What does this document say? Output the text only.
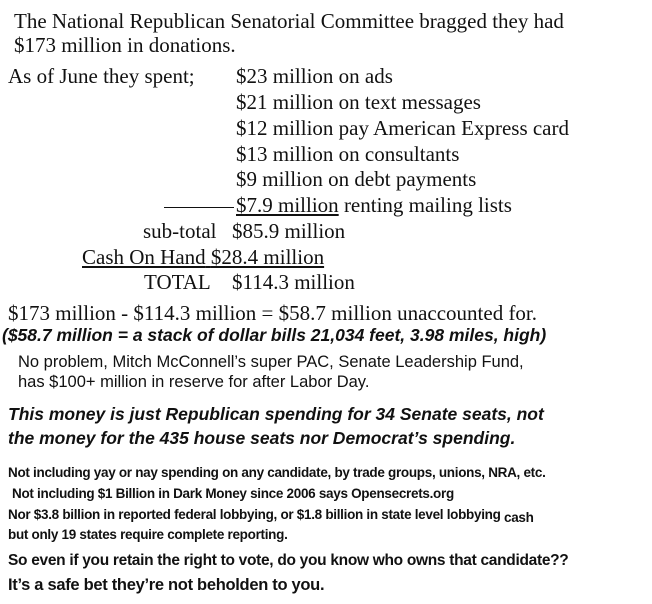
The National Republican Senatorial Committee bragged they had
$173 million in donations.
As of June they spent; $23 million on ads
$21 million on text messages
$12 million pay American Express card
$13 million on consultants
$9 million on debt payments
$7.9 million renting mailing lists
sub-total $85.9 million
Cash On Hand $28.4 million
TOTAL $114.3 million
$173 million - $114.3 million = $58.7 million unaccounted for.
($58.7 million = a stack of dollar bills 21,034 feet, 3.98 miles, high)
No problem, Mitch McConnell’s super PAC, Senate Leadership Fund,
has $100+ million in reserve for after Labor Day.
This money is just Republican spending for 34 Senate seats, not
the money for the 435 house seats nor Democrat’s spending.
Not including yay or nay spending on any candidate, by trade groups, unions, NRA, etc.
Not including $1 Billion in Dark Money since 2006 says Opensecrets.org
Nor $3.8 billion in reported federal lobbying, or $1.8 billion in state level lobbying cash
but only 19 states require complete reporting.
So even if you retain the right to vote, do you know who owns that candidate??
It’s a safe bet they’re not beholden to you.
